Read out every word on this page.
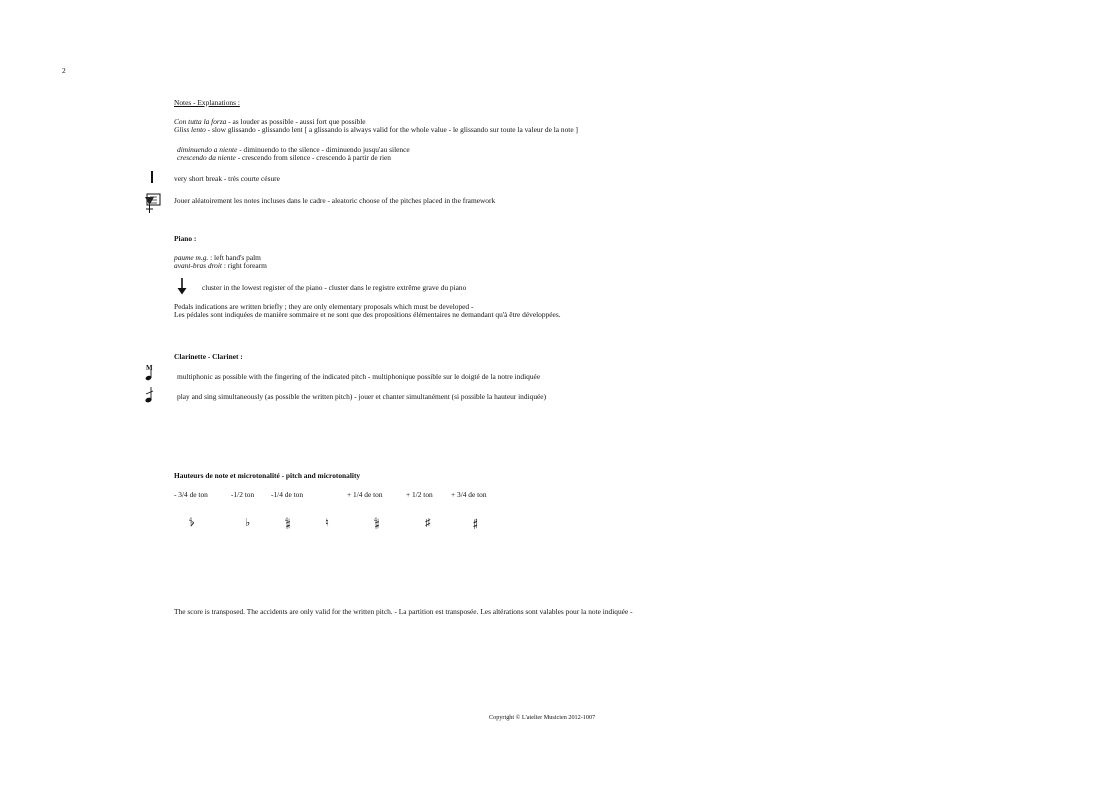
2
Notes - Explanations :
Con tutta la forza - as louder as possible - aussi fort que possible
Gliss lento - slow glissando - glissando lent [ a glissando is always valid for the whole value - le glissando sur toute la valeur de la note ]
diminuendo a niente - diminuendo to the silence - diminuendo jusqu'au silence
crescendo da niente - crescendo from silence - crescendo à partir de rien
very short break - très courte césure
Jouer aléatoirement les notes incluses dans le cadre - aleatoric choose of the pitches placed in the framework
Piano :
paume m.g. : left hand's palm
avant-bras droit : right forearm
cluster in the lowest register of the piano - cluster dans le registre extrême grave du piano
Pedals indications are written briefly ; they are only elementary proposals which must be developed -
Les pédales sont indiquées de manière sommaire et ne sont que des propositions élémentaires ne demandant qu'à être développées.
Clarinette - Clarinet :
M
multiphonic as possible with the fingering of the indicated pitch - multiphonique possible sur le doigté de la notre indiquée
play and sing simultaneously (as possible the written pitch) - jouer et chanter simultanément (si possible la hauteur indiquée)
Hauteurs de note et microtonalité - pitch and microtonality
- 3/4 de ton	-1/2 ton -1/4 de ton	+ 1/4 de ton	+ 1/2 ton + 3/4 de ton
𝄳	♭	𝄲	♮	𝄲	♯	𝄰
The score is transposed. The accidents are only valid for the written pitch. - La partition est transposée. Les altérations sont valables pour la note indiquée -
Copyright © L'atelier Musicien 2012-1007
